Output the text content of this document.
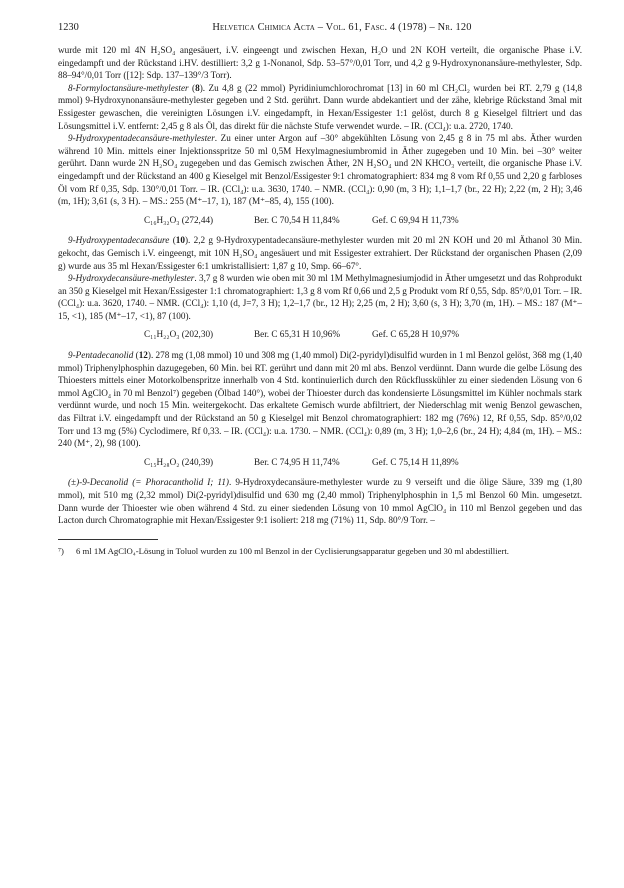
1230	Helvetica Chimica Acta – Vol. 61, Fasc. 4 (1978) – Nr. 120

wurde mit 120 ml 4N H₂SO₄ angesäuert, i.V. eingeengt und zwischen Hexan, H₂O und 2N KOH verteilt, die organische Phase i.V. eingedampft und der Rückstand i.HV. destilliert: 3,2 g 1-Nonanol, Sdp. 53–57°/0,01 Torr, und 4,2 g 9-Hydroxynonansäure-methylester, Sdp. 88–94°/0,01 Torr ([12]: Sdp. 137–139°/3 Torr).

8-Formyloctansäure-methylester (8). Zu 4,8 g (22 mmol) Pyridiniumchlorochromat [13] in 60 ml CH₂Cl₂ wurden bei RT. 2,79 g (14,8 mmol) 9-Hydroxynonansäure-methylester gegeben und 2 Std. gerührt. Dann wurde abdekantiert und der zähe, klebrige Rückstand 3mal mit Essigester gewaschen, die vereinigten Lösungen i.V. eingedampft, in Hexan/Essigester 1:1 gelöst, durch 8 g Kieselgel filtriert und das Lösungsmittel i.V. entfernt: 2,45 g 8 als Öl, das direkt für die nächste Stufe verwendet wurde. – IR. (CCl₄): u.a. 2720, 1740.

9-Hydroxypentadecansäure-methylester. Zu einer unter Argon auf –30° abgekühlten Lösung von 2,45 g 8 in 75 ml abs. Äther wurden während 10 Min. mittels einer Injektionsspritze 50 ml 0,5M Hexylmagnesiumbromid in Äther zugegeben und 10 Min. bei –30° weiter gerührt. Dann wurde 2N H₂SO₄ zugegeben und das Gemisch zwischen Äther, 2N H₂SO₄ und 2N KHCO₃ verteilt, die organische Phase i.V. eingedampft und der Rückstand an 400 g Kieselgel mit Benzol/Essigester 9:1 chromatographiert: 834 mg 8 vom Rf 0,55 und 2,20 g farbloses Öl vom Rf 0,35, Sdp. 130°/0,01 Torr. – IR. (CCl₄): u.a. 3630, 1740. – NMR. (CCl₄): 0,90 (m, 3 H); 1,1–1,7 (br., 22 H); 2,22 (m, 2 H); 3,46 (m, 1H); 3,61 (s, 3 H). – MS.: 255 (M⁺–17, 1), 187 (M⁺–85, 4), 155 (100).

C₁₆H₃₂O₃ (272,44)	Ber. C 70,54 H 11,84%	Gef. C 69,94 H 11,73%

9-Hydroxypentadecansäure (10). 2,2 g 9-Hydroxypentadecansäure-methylester wurden mit 20 ml 2N KOH und 20 ml Äthanol 30 Min. gekocht, das Gemisch i.V. eingeengt, mit 10N H₂SO₄ angesäuert und mit Essigester extrahiert. Der Rückstand der organischen Phasen (2,09 g) wurde aus 35 ml Hexan/Essigester 6:1 umkristallisiert: 1,87 g 10, Smp. 66–67°.

9-Hydroxydecansäure-methylester. 3,7 g 8 wurden wie oben mit 30 ml 1M Methylmagnesiumjodid in Äther umgesetzt und das Rohprodukt an 350 g Kieselgel mit Hexan/Essigester 1:1 chromatographiert: 1,3 g 8 vom Rf 0,66 und 2,5 g Produkt vom Rf 0,55, Sdp. 85°/0,01 Torr. – IR. (CCl₄): u.a. 3620, 1740. – NMR. (CCl₄): 1,10 (d, J=7, 3 H); 1,2–1,7 (br., 12 H); 2,25 (m, 2 H); 3,60 (s, 3 H); 3,70 (m, 1H). – MS.: 187 (M⁺–15, <1), 185 (M⁺–17, <1), 87 (100).

C₁₁H₂₂O₃ (202,30)	Ber. C 65,31 H 10,96%	Gef. C 65,28 H 10,97%

9-Pentadecanolid (12). 278 mg (1,08 mmol) 10 und 308 mg (1,40 mmol) Di(2-pyridyl)disulfid wurden in 1 ml Benzol gelöst, 368 mg (1,40 mmol) Triphenylphosphin dazugegeben, 60 Min. bei RT. gerührt und dann mit 20 ml abs. Benzol verdünnt. Dann wurde die gelbe Lösung des Thioesters mittels einer Motorkolbenspritze innerhalb von 4 Std. kontinuierlich durch den Rückflusskühler zu einer siedenden Lösung von 6 mmol AgClO₄ in 70 ml Benzol⁷) gegeben (Ölbad 140°), wobei der Thioester durch das kondensierte Lösungsmittel im Kühler nochmals stark verdünnt wurde, und noch 15 Min. weitergekocht. Das erkaltete Gemisch wurde abfiltriert, der Niederschlag mit wenig Benzol gewaschen, das Filtrat i.V. eingedampft und der Rückstand an 50 g Kieselgel mit Benzol chromatographiert: 182 mg (76%) 12, Rf 0,55, Sdp. 85°/0,02 Torr und 13 mg (5%) Cyclodimere, Rf 0,33. – IR. (CCl₄): u.a. 1730. – NMR. (CCl₄): 0,89 (m, 3 H); 1,0–2,6 (br., 24 H); 4,84 (m, 1H). – MS.: 240 (M⁺, 2), 98 (100).

C₁₅H₂₈O₂ (240,39)	Ber. C 74,95 H 11,74%	Gef. C 75,14 H 11,89%

(±)-9-Decanolid (= Phoracantholid I; 11). 9-Hydroxydecansäure-methylester wurde zu 9 verseift und die ölige Säure, 339 mg (1,80 mmol), mit 510 mg (2,32 mmol) Di(2-pyridyl)disulfid und 630 mg (2,40 mmol) Triphenylphosphin in 1,5 ml Benzol 60 Min. umgesetzt. Dann wurde der Thioester wie oben während 4 Std. zu einer siedenden Lösung von 10 mmol AgClO₄ in 110 ml Benzol gegeben und das Lacton durch Chromatographie mit Hexan/Essigester 9:1 isoliert: 218 mg (71%) 11, Sdp. 80°/9 Torr. –

⁷)	6 ml 1M AgClO₄-Lösung in Toluol wurden zu 100 ml Benzol in der Cyclisierungsapparatur gegeben und 30 ml abdestilliert.
